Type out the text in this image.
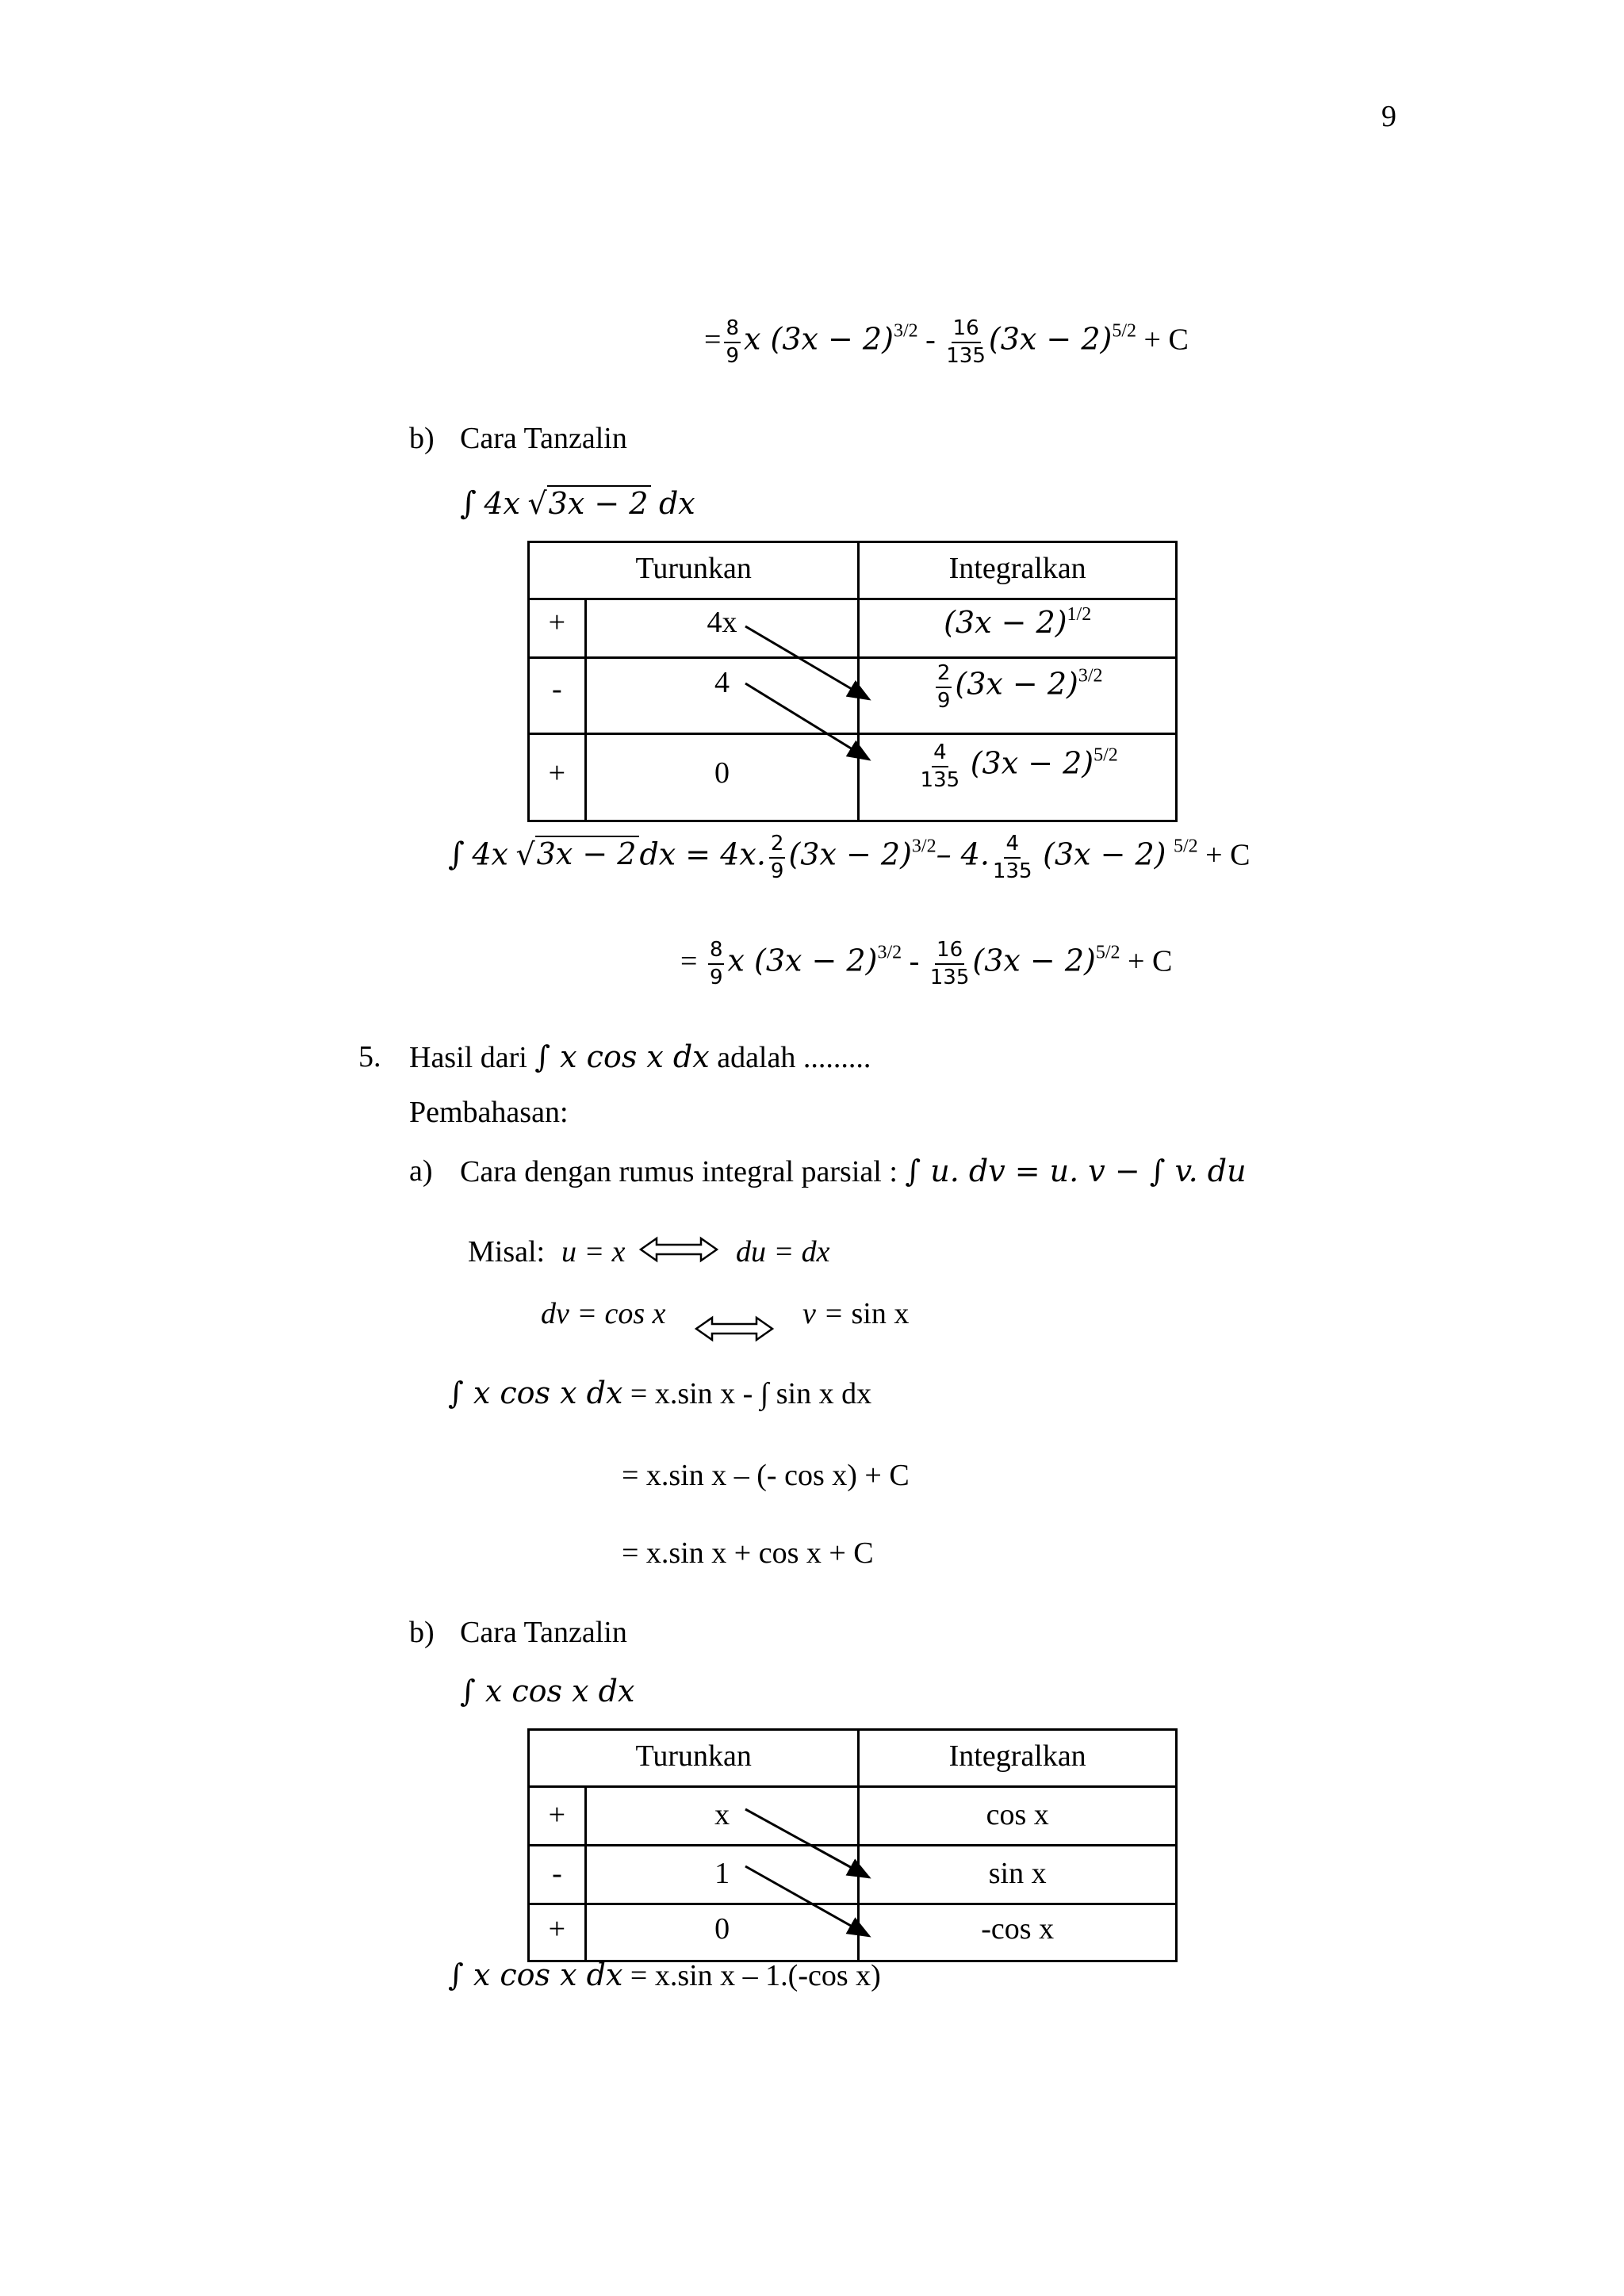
9
= $\frac{8}{9}$ x $(3x - 2)^{3/2} - \frac{16}{135} (3x - 2)^{5/2} + C$
b) Cara Tanzalin
∫ 4x √3x − 2 dx
Turunkan		Integralkan
+	4x	$(3x - 2)^{1/2}$
-	4	$\frac{2}{9} (3x - 2)^{3/2}$
+	0	$\frac{4}{135} (3x - 2)^{5/2}$
∫ 4x √3x − 2 dx = 4x. $\frac{2}{9} (3x - 2)^{3/2}-$ 4. $\frac{4}{135} (3x - 2) ^{5/2} + C$
= $\frac{8}{9}$ x $(3x - 2)^{3/2} - \frac{16}{135} (3x - 2)^{5/2} + C$
5. Hasil dari ∫ x cos x dx adalah .........
Pembahasan:
a) Cara dengan rumus integral parsial : ∫ u. dv = u. v − ∫ v. du
Misal: u = x	du = dx
dv = cos x	v = sin x
∫ x cos x dx = x.sin x - ∫ sin x dx
= x.sin x – (- cos x) + C
= x.sin x + cos x + C
b) Cara Tanzalin
∫ x cos x dx
Turunkan		Integralkan
+	x	cos x
-	1	sin x
+	0	-cos x
∫ x cos x dx = x.sin x – 1.(-cos x)
